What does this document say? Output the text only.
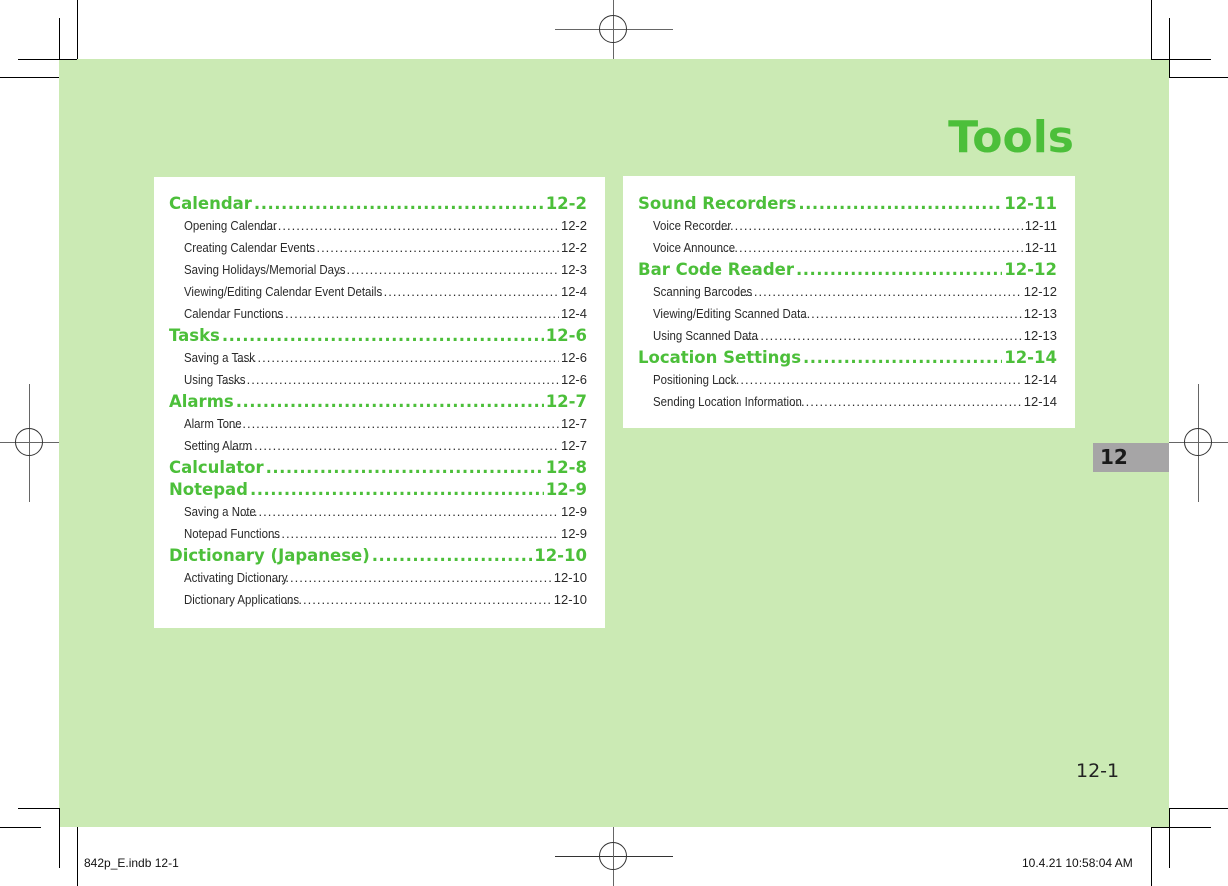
Tools
Calendar .....	12-2
Opening Calendar .....	12-2
Creating Calendar Events .....	12-2
Saving Holidays/Memorial Days .....	12-3
Viewing/Editing Calendar Event Details .....	12-4
Calendar Functions .....	12-4
Tasks .....	12-6
Saving a Task .....	12-6
Using Tasks .....	12-6
Alarms .....	12-7
Alarm Tone .....	12-7
Setting Alarm .....	12-7
Calculator .....	12-8
Notepad .....	12-9
Saving a Note .....	12-9
Notepad Functions .....	12-9
Dictionary (Japanese) .....	12-10
Activating Dictionary .....	12-10
Dictionary Applications .....	12-10
Sound Recorders .....	12-11
Voice Recorder .....	12-11
Voice Announce .....	12-11
Bar Code Reader .....	12-12
Scanning Barcodes .....	12-12
Viewing/Editing Scanned Data .....	12-13
Using Scanned Data .....	12-13
Location Settings .....	12-14
Positioning Lock .....	12-14
Sending Location Information .....	12-14
12
12-1
842p_E.indb 12-1	10.4.21 10:58:04 AM
